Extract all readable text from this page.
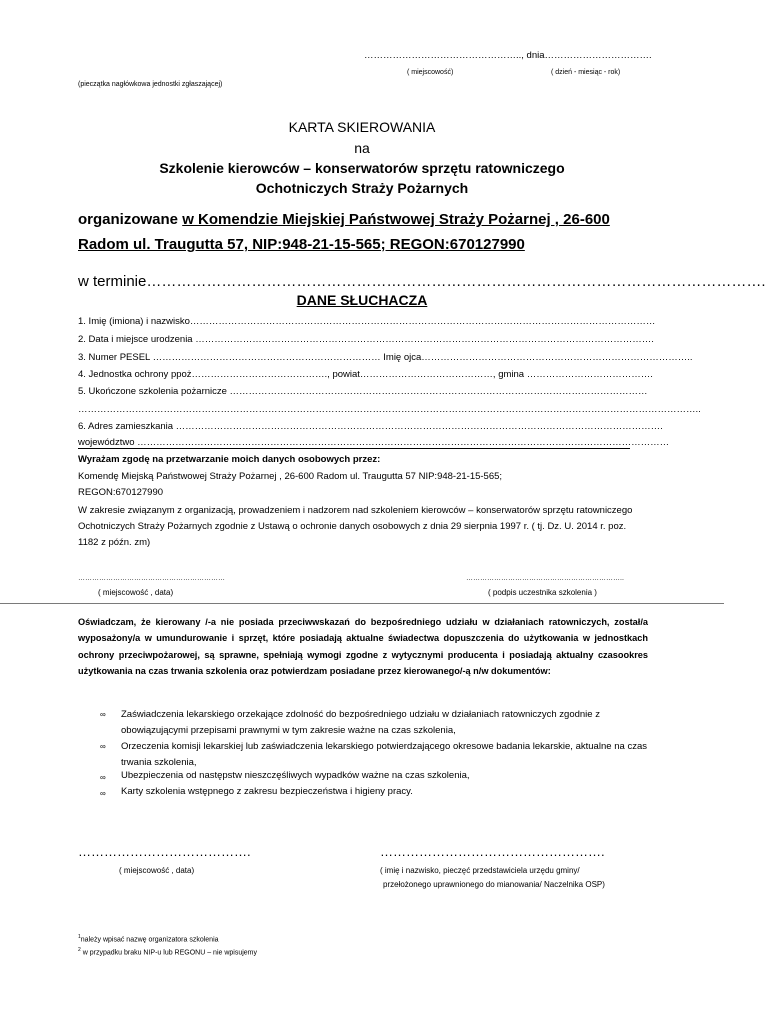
………………………………………….., dnia…………………………….
( miejscowość)	( dzień - miesiąc - rok)
(pieczątka nagłówkowa jednostki zgłaszającej)
KARTA SKIEROWANIA
na
Szkolenie kierowców – konserwatorów sprzętu ratowniczego
Ochotniczych Straży Pożarnych
organizowane w Komendzie Miejskiej Państwowej Straży Pożarnej , 26-600
Radom ul. Traugutta 57, NIP:948-21-15-565; REGON:670127990
w terminie…………………………………………………………………………………………………………….
DANE SŁUCHACZA
1. Imię (imiona) i nazwisko…………………………………………………………………………………………………………………………………
2. Data i miejsce urodzenia ……………………………………………………………………………………………………………………………….
3. Numer PESEL ……………………………………………………………… Imię ojca…………………………………………………………………………..
4. Jednostka ochrony ppoż……………………………………., powiat……………………………………, gmina ………………………………….
5. Ukończone szkolenia pożarnicze ……………………………………………………………………………………………………………………
……………………………………………………………………………………………………………………………………………………………………………..
6. Adres zamieszkania ……………………………………………………………………………………………………………………………………….
województwo ……………………………………………………………………………………………………………………………………………………
Wyrażam zgodę na przetwarzanie moich danych osobowych przez:
Komendę Miejską Państwowej Straży Pożarnej , 26-600 Radom ul. Traugutta 57 NIP:948-21-15-565;
REGON:670127990
W zakresie związanym z organizacją, prowadzeniem i nadzorem nad szkoleniem kierowców – konserwatorów sprzętu ratowniczego Ochotniczych Straży Pożarnych zgodnie z Ustawą o ochronie danych osobowych z dnia 29 sierpnia 1997 r. ( tj. Dz. U. 2014 r. poz. 1182 z późn. zm)
………………………………………………………
( miejscowość , data)
…………………………………………………………..
( podpis uczestnika szkolenia )
Oświadczam, że kierowany /-a nie posiada przeciwwskazań do bezpośredniego udziału w działaniach ratowniczych, został/a wyposażony/a w umundurowanie i sprzęt, które posiadają aktualne świadectwa dopuszczenia do użytkowania w jednostkach ochrony przeciwpożarowej, są sprawne, spełniają wymogi zgodne z wytycznymi producenta i posiadają aktualny czasookres użytkowania na czas trwania szkolenia oraz potwierdzam posiadane przez kierowanego/-ą n/w dokumentów:
∞ Zaświadczenia lekarskiego orzekające zdolność do bezpośredniego udziału w działaniach ratowniczych zgodnie z obowiązującymi przepisami prawnymi w tym zakresie ważne na czas szkolenia,
∞ Orzeczenia komisji lekarskiej lub zaświadczenia lekarskiego potwierdzającego okresowe badania lekarskie, aktualne na czas trwania szkolenia,
∞ Ubezpieczenia od następstw nieszczęśliwych wypadków ważne na czas szkolenia,
∞ Karty szkolenia wstępnego z zakresu bezpieczeństwa i higieny pracy.
………………………………….
( miejscowość , data)
…………………………………………….
( imię i nazwisko, pieczęć przedstawiciela urzędu gminy/
przełożonego uprawnionego do mianowania/ Naczelnika OSP)
$^1$należy wpisać nazwę organizatora szkolenia
$^2$ w przypadku braku NIP-u lub REGONU – nie wpisujemy
